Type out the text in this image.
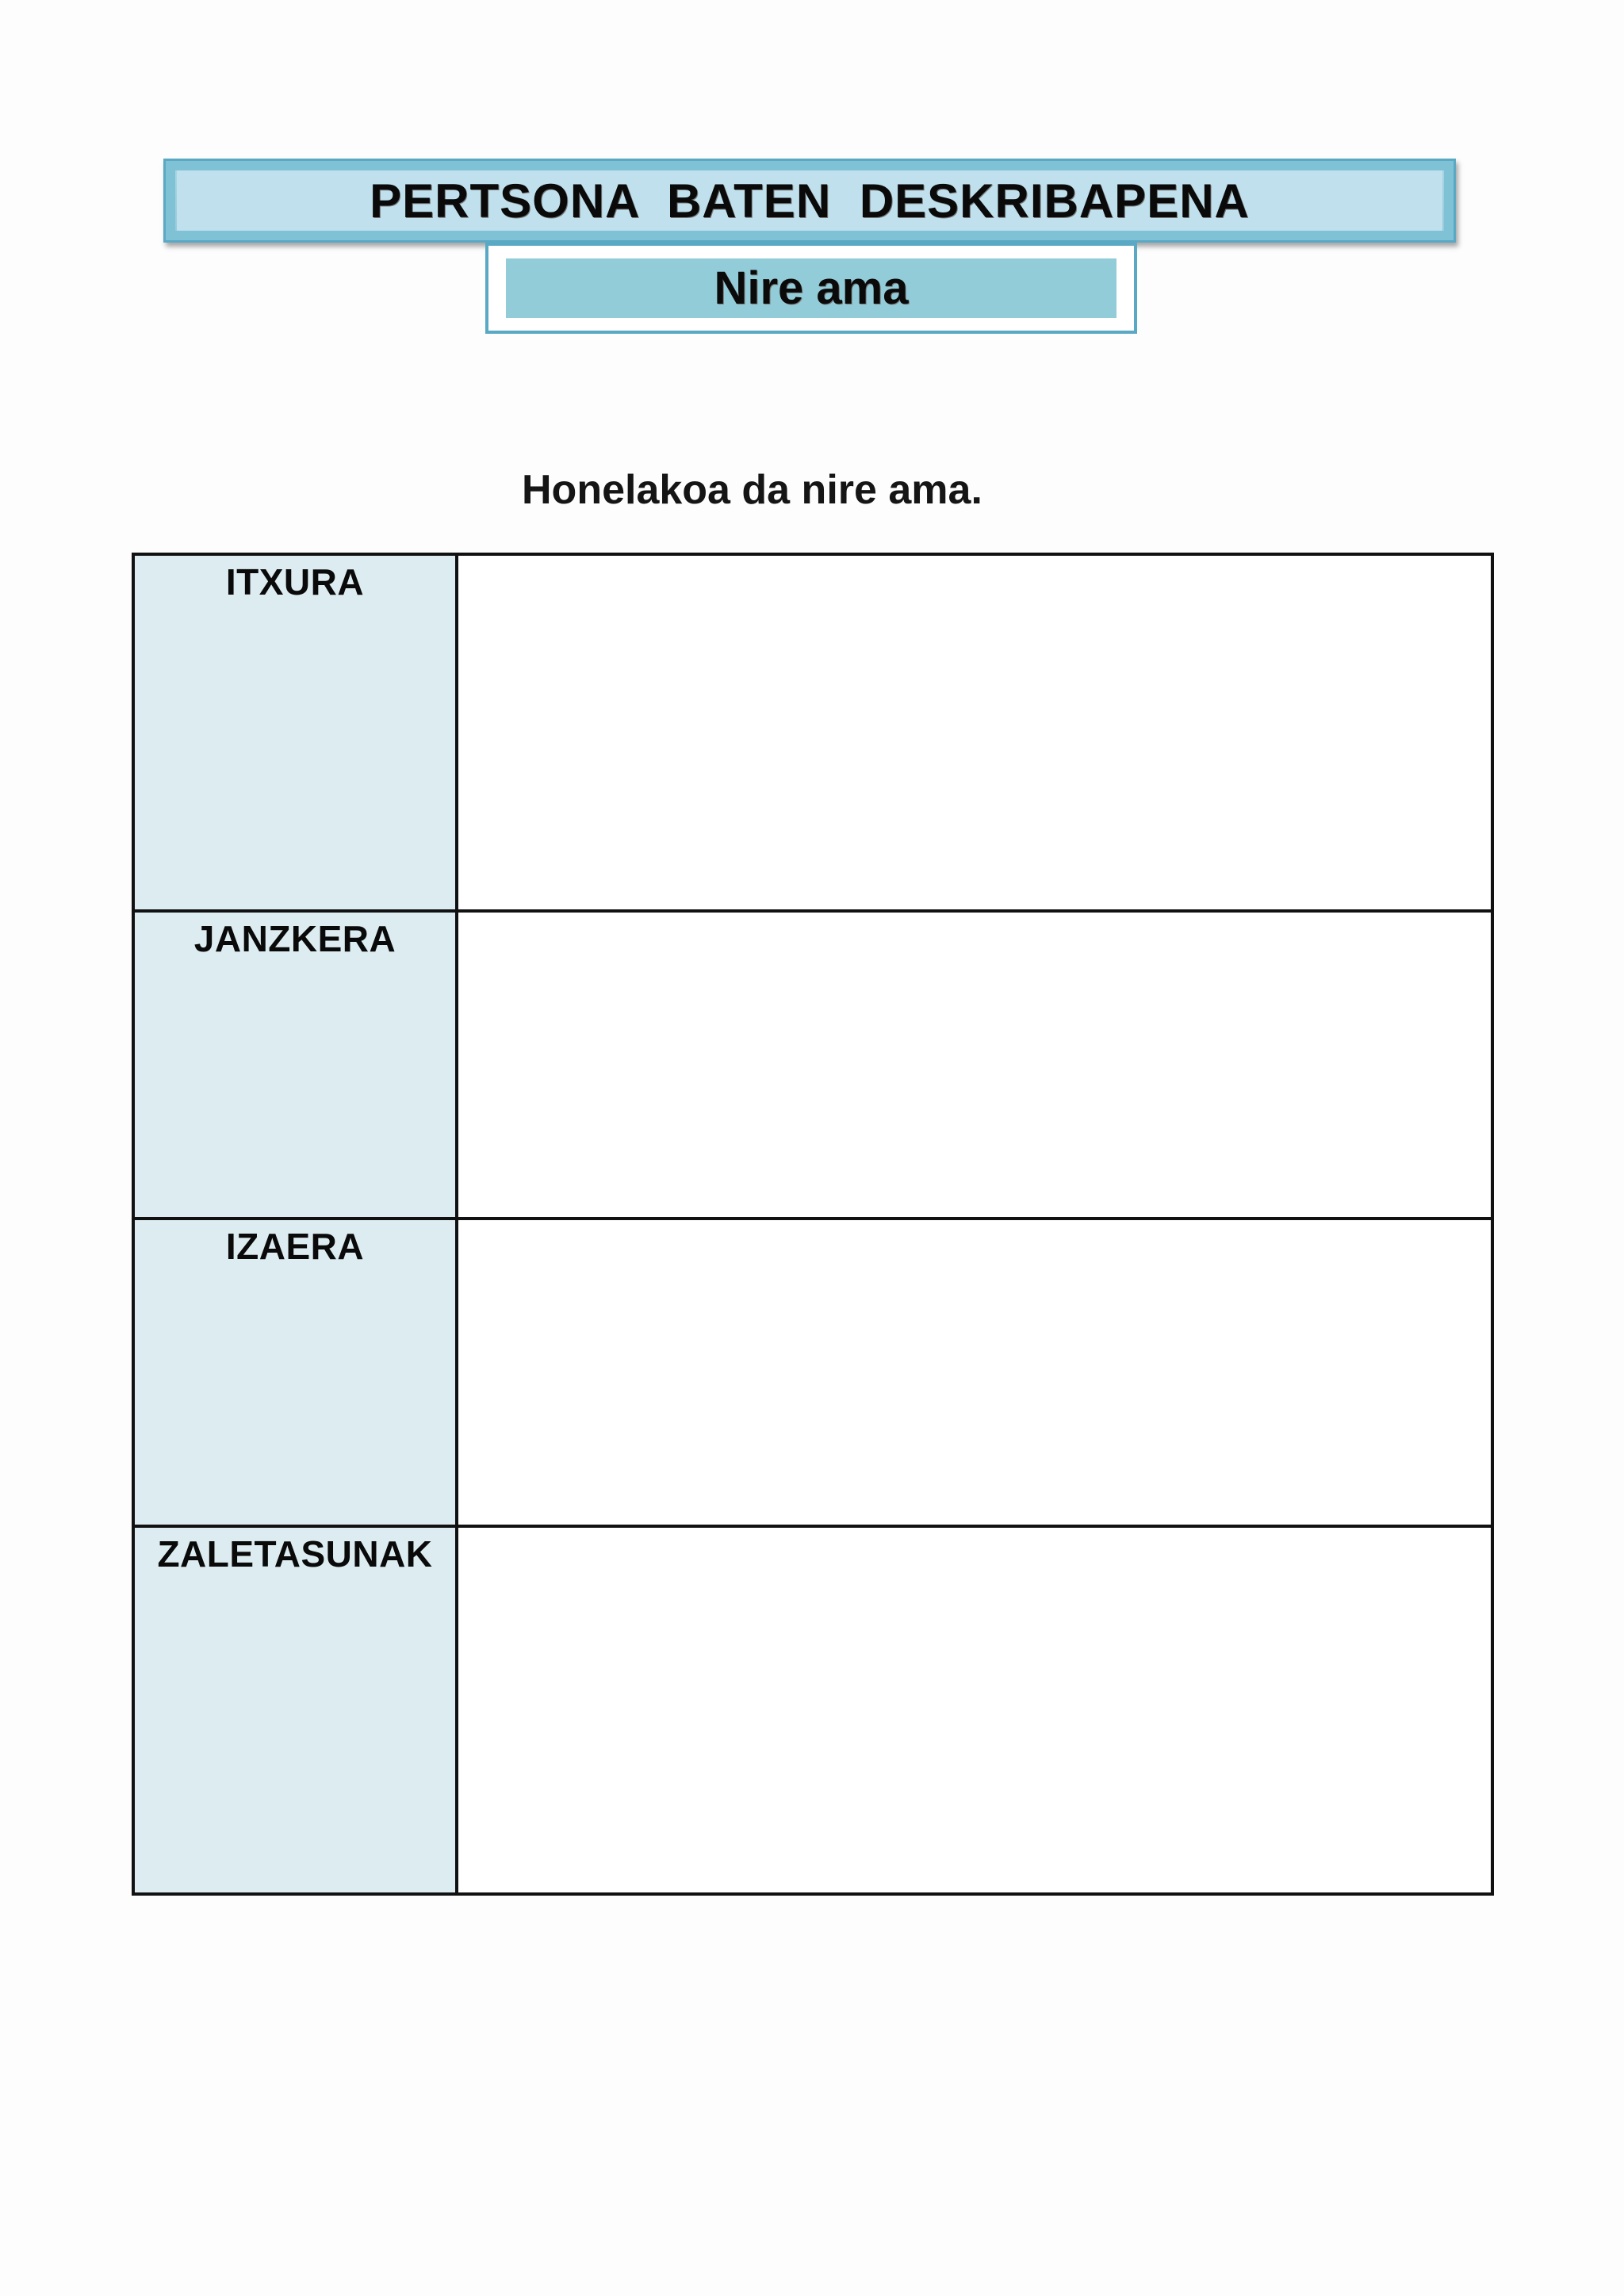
PERTSONA BATEN DESKRIBAPENA
Nire ama
Honelakoa da nire ama.
ITXURA	

JANZKERA	

IZAERA	

ZALETASUNAK	
